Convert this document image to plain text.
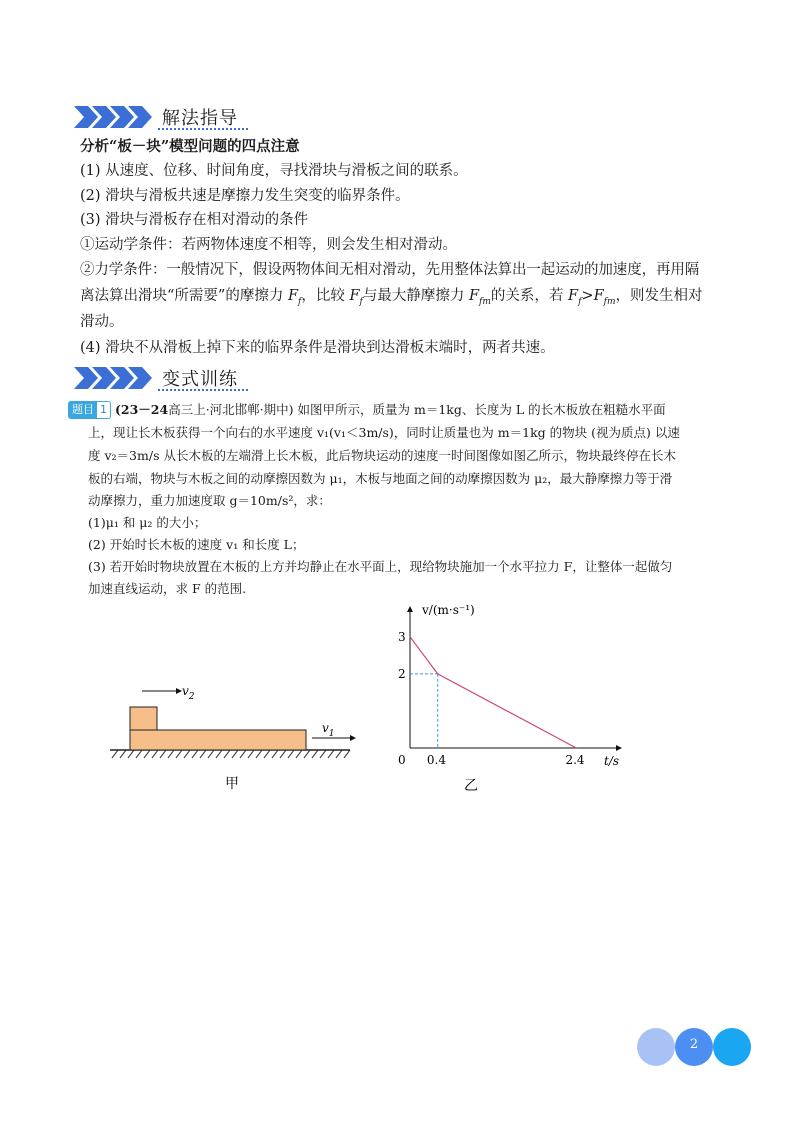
解法指导
分析“板－块”模型问题的四点注意
(1) 从速度、位移、时间角度，寻找滑块与滑板之间的联系。
(2) 滑块与滑板共速是摩擦力发生突变的临界条件。
(3) 滑块与滑板存在相对滑动的条件
①运动学条件：若两物体速度不相等，则会发生相对滑动。
②力学条件：一般情况下，假设两物体间无相对滑动，先用整体法算出一起运动的加速度，再用隔
离法算出滑块“所需要”的摩擦力 $F_f$，比较 $F_f$与最大静摩擦力 $F_{fm}$的关系，若 $F_f>F_{fm}$，则发生相对
滑动。
(4) 滑块不从滑板上掉下来的临界条件是滑块到达滑板末端时，两者共速。
变式训练
题目 1 (23－24高三上·河北邯郸·期中) 如图甲所示，质量为 m＝1kg、长度为 L 的长木板放在粗糙水平面
上，现让长木板获得一个向右的水平速度 v₁(v₁＜3m/s)，同时让质量也为 m＝1kg 的物块 (视为质点) 以速
度 v₂＝3m/s 从长木板的左端滑上长木板，此后物块运动的速度一时间图像如图乙所示，物块最终停在长木
板的右端，物块与木板之间的动摩擦因数为 μ₁，木板与地面之间的动摩擦因数为 μ₂，最大静摩擦力等于滑
动摩擦力，重力加速度取 g＝10m/s²，求：
(1)μ₁ 和 μ₂ 的大小；
(2) 开始时长木板的速度 v₁ 和长度 L；
(3) 若开始时物块放置在木板的上方并均静止在水平面上，现给物块施加一个水平拉力 F，让整体一起做匀
加速直线运动，求 F 的范围.
$v_2$
$v_1$
甲
0 0.4	2.4
2
3
v/(m·s⁻¹)
t/s
乙
2
